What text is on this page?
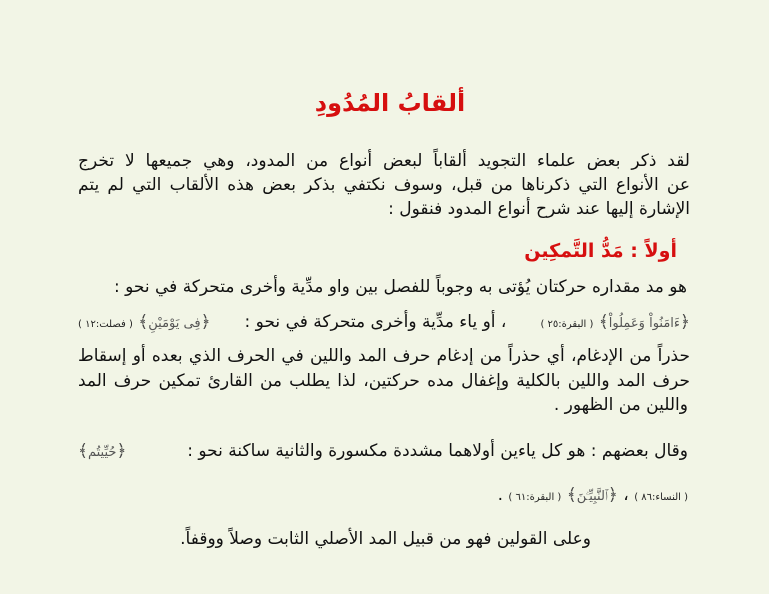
ألقابُ المُدُودِ
لقد ذكر بعض علماء التجويد ألقاباً لبعض أنواع من المدود، وهي جميعها لا تخرج
عن الأنواع التي ذكرناها من قبل، وسوف نكتفي بذكر بعض هذه الألقاب التي لم يتم
الإشارة إليها عند شرح أنواع المدود فنقول :
أولاً : مَدُّ التَّمكِين
هو مد مقداره حركتان يُؤتى به وجوباً للفصل بين واو مدِّية وأخرى متحركة في نحو :
﴿ءَامَنُواْ وَعَمِلُواْ﴾ ( البقرة:٢٥ )
، أو ياء مدِّية وأخرى متحركة في نحو :
﴿فِى يَوْمَيْنِ﴾ ( فصلت:١٢ )
حذراً من الإدغام، أي حذراً من إدغام حرف المد واللين في الحرف الذي بعده أو إسقاط
حرف المد واللين بالكلية وإغفال مده حركتين، لذا يطلب من القارئ تمكين حرف المد
واللين من الظهور .
وقال بعضهم : هو كل ياءين أولاهما مشددة مكسورة والثانية ساكنة نحو :
﴿حُيِّيتُم﴾
( النساء:٨٦ ) ، ﴿ٱلنَّبِيِّـۧنَ﴾ ( البقرة:٦١ ) .
وعلى القولين فهو من قبيل المد الأصلي الثابت وصلاً ووقفاً.
